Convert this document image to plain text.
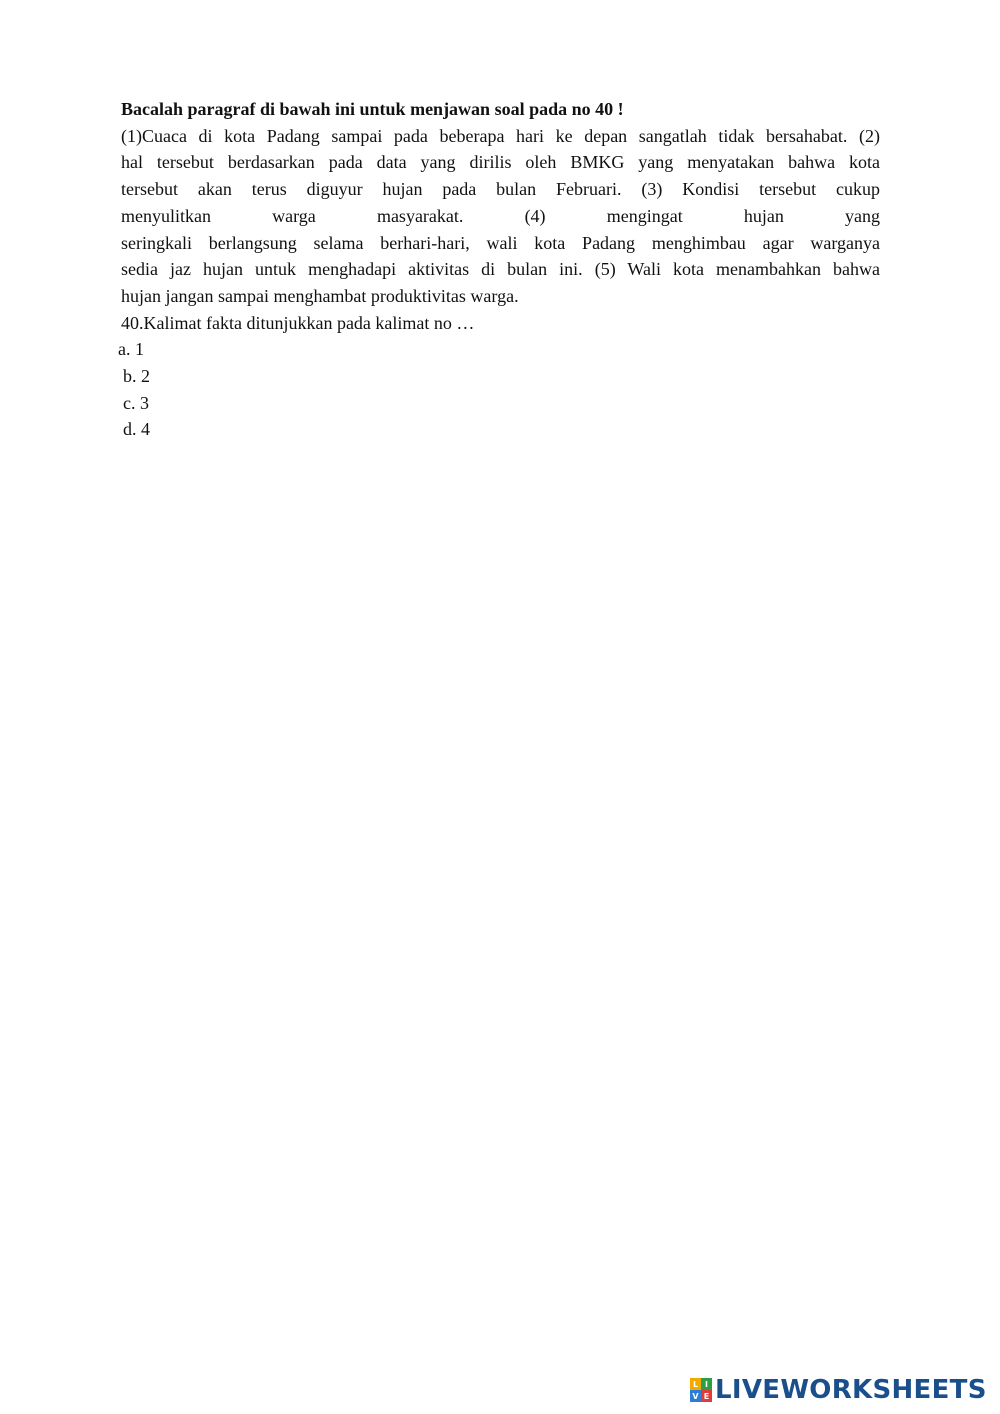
Bacalah paragraf di bawah ini untuk menjawan soal pada no 40 !

(1)Cuaca di kota Padang sampai pada beberapa hari ke depan sangatlah tidak bersahabat. (2)
hal tersebut berdasarkan pada data yang dirilis oleh BMKG yang menyatakan bahwa kota
tersebut akan terus diguyur hujan pada bulan Februari. (3) Kondisi tersebut cukup
menyulitkan warga masyarakat. (4) mengingat hujan yang
seringkali berlangsung selama berhari-hari, wali kota Padang menghimbau agar warganya
sedia jaz hujan untuk menghadapi aktivitas di bulan ini. (5) Wali kota menambahkan bahwa
hujan jangan sampai menghambat produktivitas warga.

40.Kalimat fakta ditunjukkan pada kalimat no …

a. 1
b. 2
c. 3
d. 4
L I
V E LIVEWORKSHEETS
